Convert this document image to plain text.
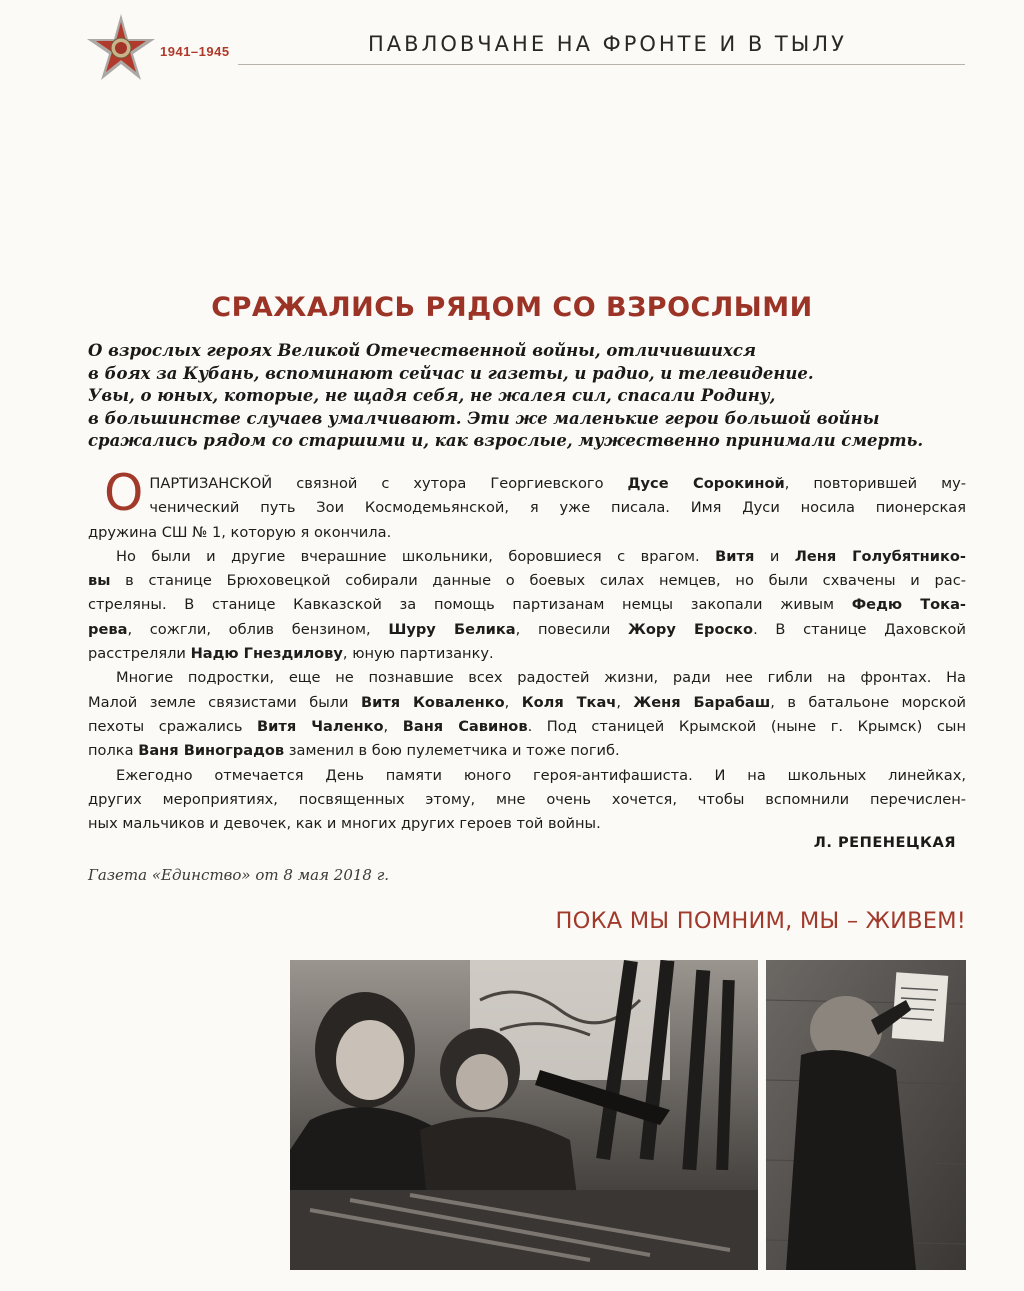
1941–1945	ПАВЛОВЧАНЕ НА ФРОНТЕ И В ТЫЛУ
СРАЖАЛИСЬ РЯДОМ СО ВЗРОСЛЫМИ
О взрослых героях Великой Отечественной войны, отличившихся
в боях за Кубань, вспоминают сейчас и газеты, и радио, и телевидение.
Увы, о юных, которые, не щадя себя, не жалея сил, спасали Родину,
в большинстве случаев умалчивают. Эти же маленькие герои большой войны
сражались рядом со старшими и, как взрослые, мужественно принимали смерть.
О ПАРТИЗАНСКОЙ связной с хутора Георгиевского Дусе Сорокиной, повторившей му-
ченический путь Зои Космодемьянской, я уже писала. Имя Дуси носила пионерская
дружина СШ № 1, которую я окончила.
Но были и другие вчерашние школьники, боровшиеся с врагом. Витя и Леня Голубятнико-
вы в станице Брюховецкой собирали данные о боевых силах немцев, но были схвачены и рас-
стреляны. В станице Кавказской за помощь партизанам немцы закопали живым Федю Тока-
рева, сожгли, облив бензином, Шуру Белика, повесили Жору Ероско. В станице Даховской
расстреляли Надю Гнездилову, юную партизанку.
Многие подростки, еще не познавшие всех радостей жизни, ради нее гибли на фронтах. На
Малой земле связистами были Витя Коваленко, Коля Ткач, Женя Барабаш, в батальоне морской
пехоты сражались Витя Чаленко, Ваня Савинов. Под станицей Крымской (ныне г. Крымск) сын
полка Ваня Виноградов заменил в бою пулеметчика и тоже погиб.
Ежегодно отмечается День памяти юного героя-антифашиста. И на школьных линейках,
других мероприятиях, посвященных этому, мне очень хочется, чтобы вспомнили перечислен-
ных мальчиков и девочек, как и многих других героев той войны.
Л. РЕПЕНЕЦКАЯ
Газета «Единство» от 8 мая 2018 г.
ПОКА МЫ ПОМНИМ, МЫ – ЖИВЕМ!
